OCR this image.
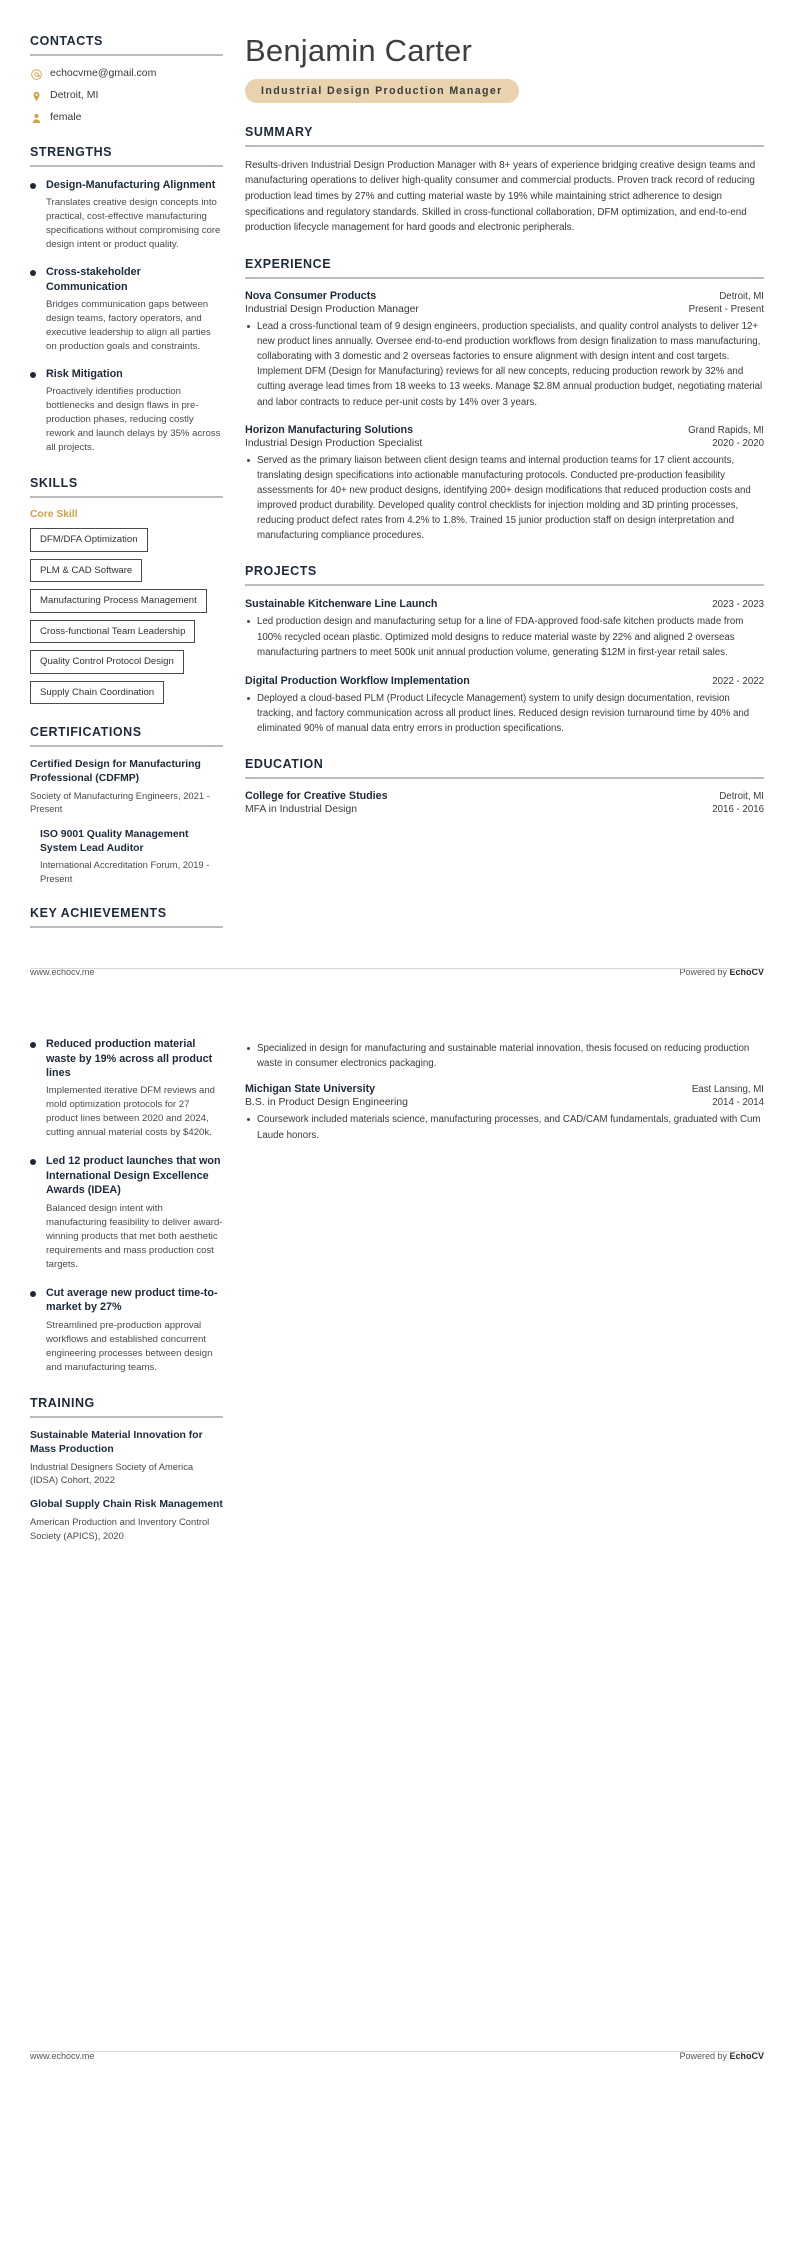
CONTACTS
echocvme@gmail.com
Detroit, MI
female
STRENGTHS
Design-Manufacturing Alignment
Translates creative design concepts into practical, cost-effective manufacturing specifications without compromising core design intent or product quality.
Cross-stakeholder Communication
Bridges communication gaps between design teams, factory operators, and executive leadership to align all parties on production goals and constraints.
Risk Mitigation
Proactively identifies production bottlenecks and design flaws in pre-production phases, reducing costly rework and launch delays by 35% across all projects.
SKILLS
Core Skill
DFM/DFA Optimization
PLM & CAD Software
Manufacturing Process Management
Cross-functional Team Leadership
Quality Control Protocol Design
Supply Chain Coordination
CERTIFICATIONS
Certified Design for Manufacturing Professional (CDFMP)
Society of Manufacturing Engineers, 2021 - Present
ISO 9001 Quality Management System Lead Auditor
International Accreditation Forum, 2019 - Present
KEY ACHIEVEMENTS
Benjamin Carter
Industrial Design Production Manager
SUMMARY
Results-driven Industrial Design Production Manager with 8+ years of experience bridging creative design teams and manufacturing operations to deliver high-quality consumer and commercial products. Proven track record of reducing production lead times by 27% and cutting material waste by 19% while maintaining strict adherence to design specifications and regulatory standards. Skilled in cross-functional collaboration, DFM optimization, and end-to-end production lifecycle management for hard goods and electronic peripherals.
EXPERIENCE
Nova Consumer Products	Detroit, MI
Industrial Design Production Manager	Present - Present
Lead a cross-functional team of 9 design engineers, production specialists, and quality control analysts to deliver 12+ new product lines annually. Oversee end-to-end production workflows from design finalization to mass manufacturing, collaborating with 3 domestic and 2 overseas factories to ensure alignment with design intent and cost targets. Implement DFM (Design for Manufacturing) reviews for all new concepts, reducing production rework by 32% and cutting average lead times from 18 weeks to 13 weeks. Manage $2.8M annual production budget, negotiating material and labor contracts to reduce per-unit costs by 14% over 3 years.
Horizon Manufacturing Solutions	Grand Rapids, MI
Industrial Design Production Specialist	2020 - 2020
Served as the primary liaison between client design teams and internal production teams for 17 client accounts, translating design specifications into actionable manufacturing protocols. Conducted pre-production feasibility assessments for 40+ new product designs, identifying 200+ design modifications that reduced production costs and improved product durability. Developed quality control checklists for injection molding and 3D printing processes, reducing product defect rates from 4.2% to 1.8%. Trained 15 junior production staff on design interpretation and manufacturing compliance procedures.
PROJECTS
Sustainable Kitchenware Line Launch	2023 - 2023
Led production design and manufacturing setup for a line of FDA-approved food-safe kitchen products made from 100% recycled ocean plastic. Optimized mold designs to reduce material waste by 22% and aligned 2 overseas manufacturing partners to meet 500k unit annual production volume, generating $12M in first-year retail sales.
Digital Production Workflow Implementation	2022 - 2022
Deployed a cloud-based PLM (Product Lifecycle Management) system to unify design documentation, revision tracking, and factory communication across all product lines. Reduced design revision turnaround time by 40% and eliminated 90% of manual data entry errors in production specifications.
EDUCATION
College for Creative Studies	Detroit, MI
MFA in Industrial Design	2016 - 2016
www.echocv.me	Powered by EchoCV
Reduced production material waste by 19% across all product lines
Implemented iterative DFM reviews and mold optimization protocols for 27 product lines between 2020 and 2024, cutting annual material costs by $420k.
Led 12 product launches that won International Design Excellence Awards (IDEA)
Balanced design intent with manufacturing feasibility to deliver award-winning products that met both aesthetic requirements and mass production cost targets.
Cut average new product time-to-market by 27%
Streamlined pre-production approval workflows and established concurrent engineering processes between design and manufacturing teams.
TRAINING
Sustainable Material Innovation for Mass Production
Industrial Designers Society of America (IDSA) Cohort, 2022
Global Supply Chain Risk Management
American Production and Inventory Control Society (APICS), 2020
Specialized in design for manufacturing and sustainable material innovation, thesis focused on reducing production waste in consumer electronics packaging.
Michigan State University	East Lansing, MI
B.S. in Product Design Engineering	2014 - 2014
Coursework included materials science, manufacturing processes, and CAD/CAM fundamentals, graduated with Cum Laude honors.
www.echocv.me	Powered by EchoCV
